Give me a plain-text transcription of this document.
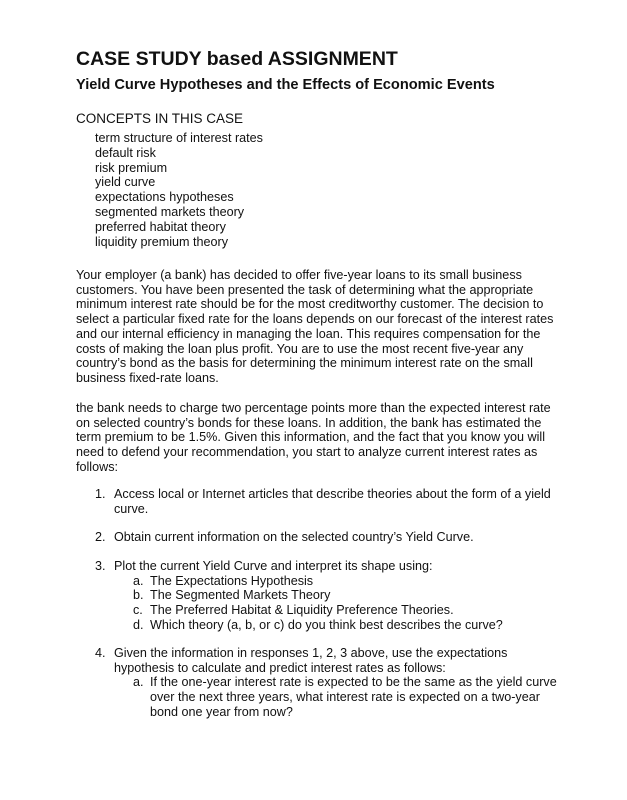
CASE STUDY based ASSIGNMENT
Yield Curve Hypotheses and the Effects of Economic Events
CONCEPTS IN THIS CASE
term structure of interest rates
default risk
risk premium
yield curve
expectations hypotheses
segmented markets theory
preferred habitat theory
liquidity premium theory

Your employer (a bank) has decided to offer five-year loans to its small business customers. You have been presented the task of determining what the appropriate minimum interest rate should be for the most creditworthy customer. The decision to select a particular fixed rate for the loans depends on our forecast of the interest rates and our internal efficiency in managing the loan. This requires compensation for the costs of making the loan plus profit. You are to use the most recent five-year any country’s bond as the basis for determining the minimum interest rate on the small business fixed-rate loans.

the bank needs to charge two percentage points more than the expected interest rate on selected country’s bonds for these loans. In addition, the bank has estimated the term premium to be 1.5%. Given this information, and the fact that you know you will need to defend your recommendation, you start to analyze current interest rates as follows:

1. Access local or Internet articles that describe theories about the form of a yield curve.
2. Obtain current information on the selected country’s Yield Curve.
3. Plot the current Yield Curve and interpret its shape using:
a. The Expectations Hypothesis
b. The Segmented Markets Theory
c. The Preferred Habitat & Liquidity Preference Theories.
d. Which theory (a, b, or c) do you think best describes the curve?
4. Given the information in responses 1, 2, 3 above, use the expectations hypothesis to calculate and predict interest rates as follows:
a. If the one-year interest rate is expected to be the same as the yield curve over the next three years, what interest rate is expected on a two-year bond one year from now?
